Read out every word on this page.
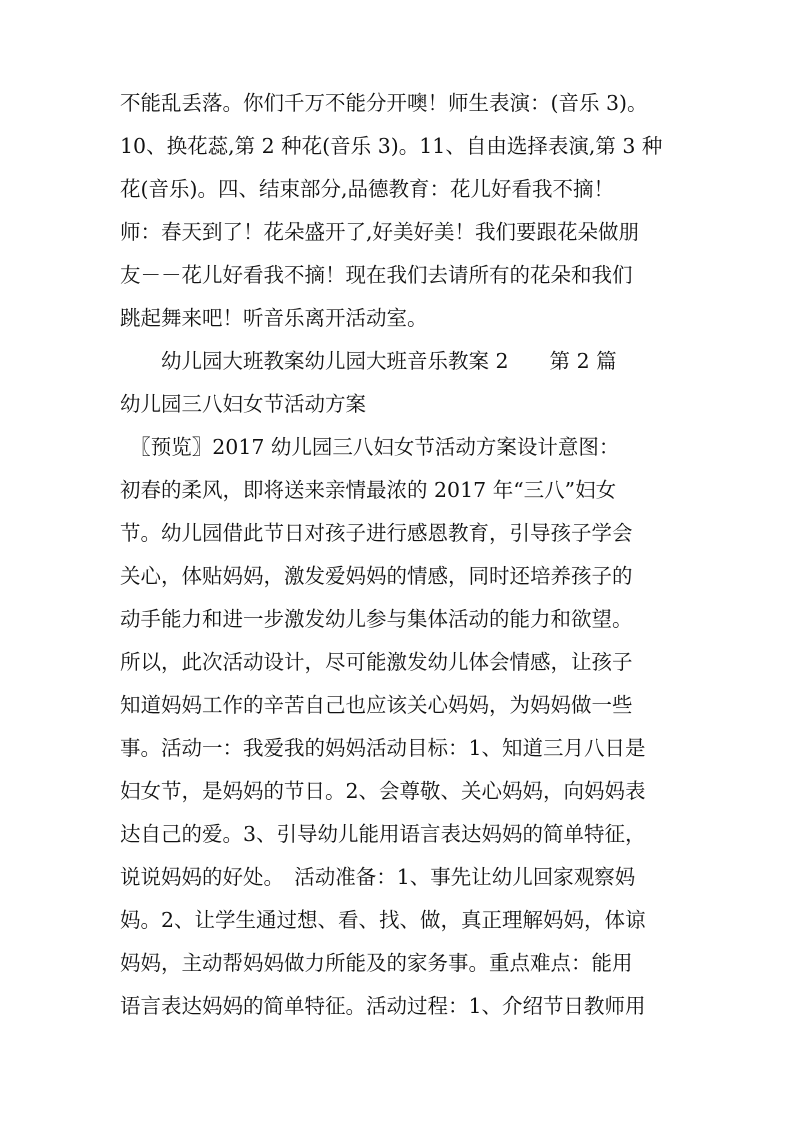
不能乱丢落。你们千万不能分开噢！师生表演：(音乐 3)。
10、换花蕊,第 2 种花(音乐 3)。11、自由选择表演,第 3 种
花(音乐)。四、结束部分,品德教育：花儿好看我不摘！
师：春天到了！花朵盛开了,好美好美！我们要跟花朵做朋
友－－花儿好看我不摘！现在我们去请所有的花朵和我们
跳起舞来吧！听音乐离开活动室。
　　幼儿园大班教案幼儿园大班音乐教案 2　　第 2 篇
幼儿园三八妇女节活动方案
　〖预览〗2017 幼儿园三八妇女节活动方案设计意图：
初春的柔风，即将送来亲情最浓的 2017 年“三八”妇女
节。幼儿园借此节日对孩子进行感恩教育，引导孩子学会
关心，体贴妈妈，激发爱妈妈的情感，同时还培养孩子的
动手能力和进一步激发幼儿参与集体活动的能力和欲望。
所以，此次活动设计，尽可能激发幼儿体会情感，让孩子
知道妈妈工作的辛苦自己也应该关心妈妈，为妈妈做一些
事。活动一：我爱我的妈妈活动目标：1、知道三月八日是
妇女节，是妈妈的节日。2、会尊敬、关心妈妈，向妈妈表
达自己的爱。3、引导幼儿能用语言表达妈妈的简单特征，
说说妈妈的好处。　活动准备：1、事先让幼儿回家观察妈
妈。2、让学生通过想、看、找、做，真正理解妈妈，体谅
妈妈，主动帮妈妈做力所能及的家务事。重点难点：能用
语言表达妈妈的简单特征。活动过程：1、介绍节日教师用
